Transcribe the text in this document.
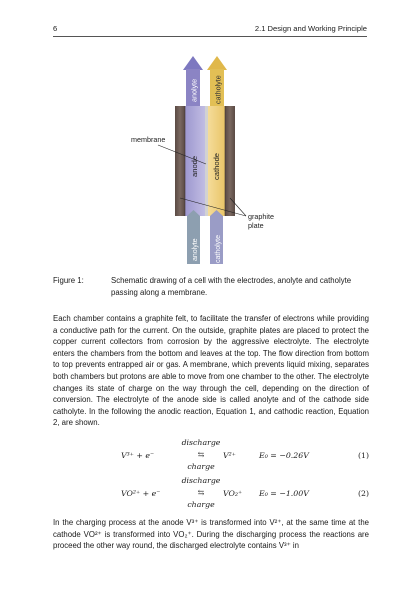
6	2.1 Design and Working Principle
anolyte catholyte
anode cathode
membrane
graphite plate
anolyte catholyte
Figure 1:	Schematic drawing of a cell with the electrodes, anolyte and catholyte passing along a membrane.
Each chamber contains a graphite felt, to facilitate the transfer of electrons while providing a conductive path for the current. On the outside, graphite plates are placed to protect the copper current collectors from corrosion by the aggressive electrolyte. The electrolyte enters the chambers from the bottom and leaves at the top. The flow direction from bottom to top prevents entrapped air or gas. A membrane, which prevents liquid mixing, separates both chambers but protons are able to move from one chamber to the other. The electrolyte changes its state of charge on the way through the cell, depending on the direction of conversion. The electrolyte of the anode side is called anolyte and of the cathode side catholyte. In the following the anodic reaction, Equation 1, and cathodic reaction, Equation 2, are shown.
V³⁺ + e⁻
discharge
⇆
charge
V²⁺	E₀ = −0.26V	(1)
VO²⁺ + e⁻
discharge
⇆
charge
VO₂⁺ E₀ = −1.00V	(2)
In the charging process at the anode V³⁺ is transformed into V²⁺, at the same time at the cathode VO²⁺ is transformed into VO₂⁺. During the discharging process the reactions are proceed the other way round, the discharged electrolyte contains V³⁺ in
